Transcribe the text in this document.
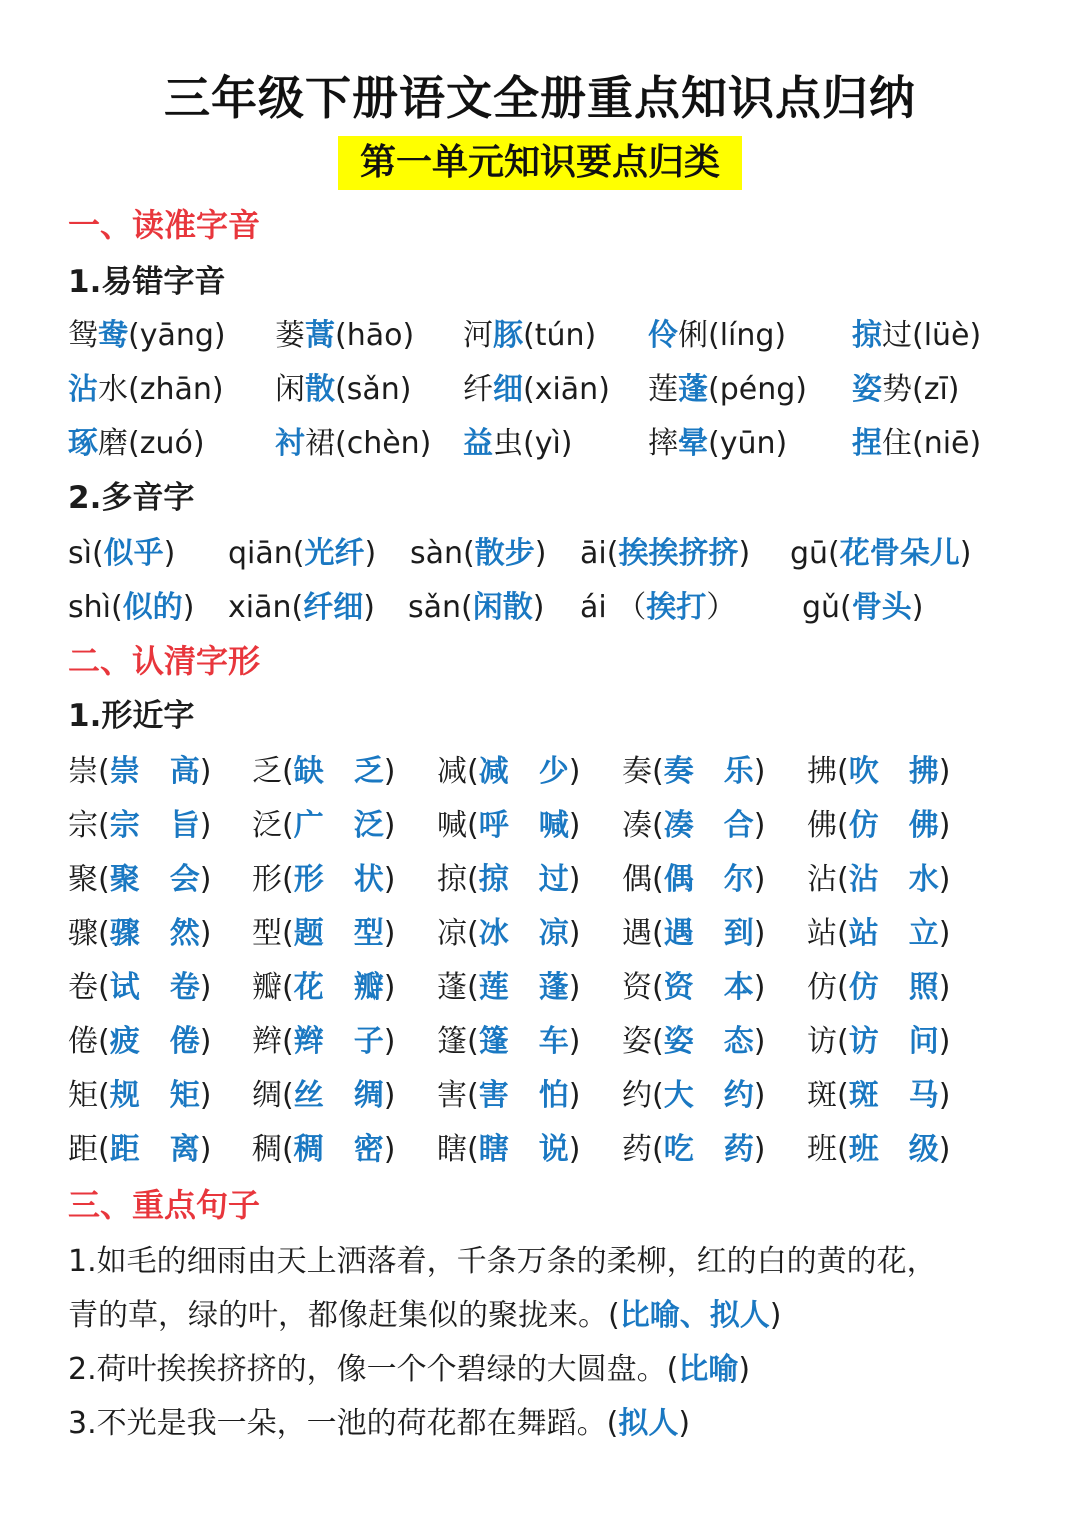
三年级下册语文全册重点知识点归纳
第一单元知识要点归类
一、读准字音
1.易错字音
鸳鸯(yāng) 蒌蒿(hāo) 河豚(tún) 伶俐(líng) 掠过(lüè)
沾水(zhān) 闲散(sǎn) 纤细(xiān) 莲蓬(péng) 姿势(zī)
琢磨(zuó) 衬裙(chèn) 益虫(yì)	摔晕(yūn) 捏住(niē)
2.多音字
sì(似乎) qiān(光纤) sàn(散步) āi(挨挨挤挤) gū(花骨朵儿)
shì(似的) xiān(纤细) sǎn(闲散) ái （挨打） gǔ(骨头)
二、认清字形
1.形近字
崇(崇  高) 乏(缺  乏) 减(减  少) 奏(奏  乐) 拂(吹  拂)
宗(宗  旨) 泛(广  泛) 喊(呼  喊) 凑(凑  合) 佛(仿  佛)
聚(聚  会) 形(形  状) 掠(掠  过) 偶(偶  尔) 沾(沾  水)
骤(骤  然) 型(题  型) 凉(冰  凉) 遇(遇  到) 站(站  立)
卷(试  卷) 瓣(花  瓣) 蓬(莲  蓬) 资(资  本) 仿(仿  照)
倦(疲  倦) 辫(辫  子) 篷(篷  车) 姿(姿  态) 访(访  问)
矩(规  矩) 绸(丝  绸) 害(害  怕) 约(大  约) 斑(斑  马)
距(距  离) 稠(稠  密) 瞎(瞎  说) 药(吃  药) 班(班  级)
三、重点句子
1.如毛的细雨由天上洒落着，千条万条的柔柳，红的白的黄的花，
青的草，绿的叶，都像赶集似的聚拢来。(比喻、拟人)
2.荷叶挨挨挤挤的，像一个个碧绿的大圆盘。(比喻)
3.不光是我一朵，一池的荷花都在舞蹈。(拟人)
